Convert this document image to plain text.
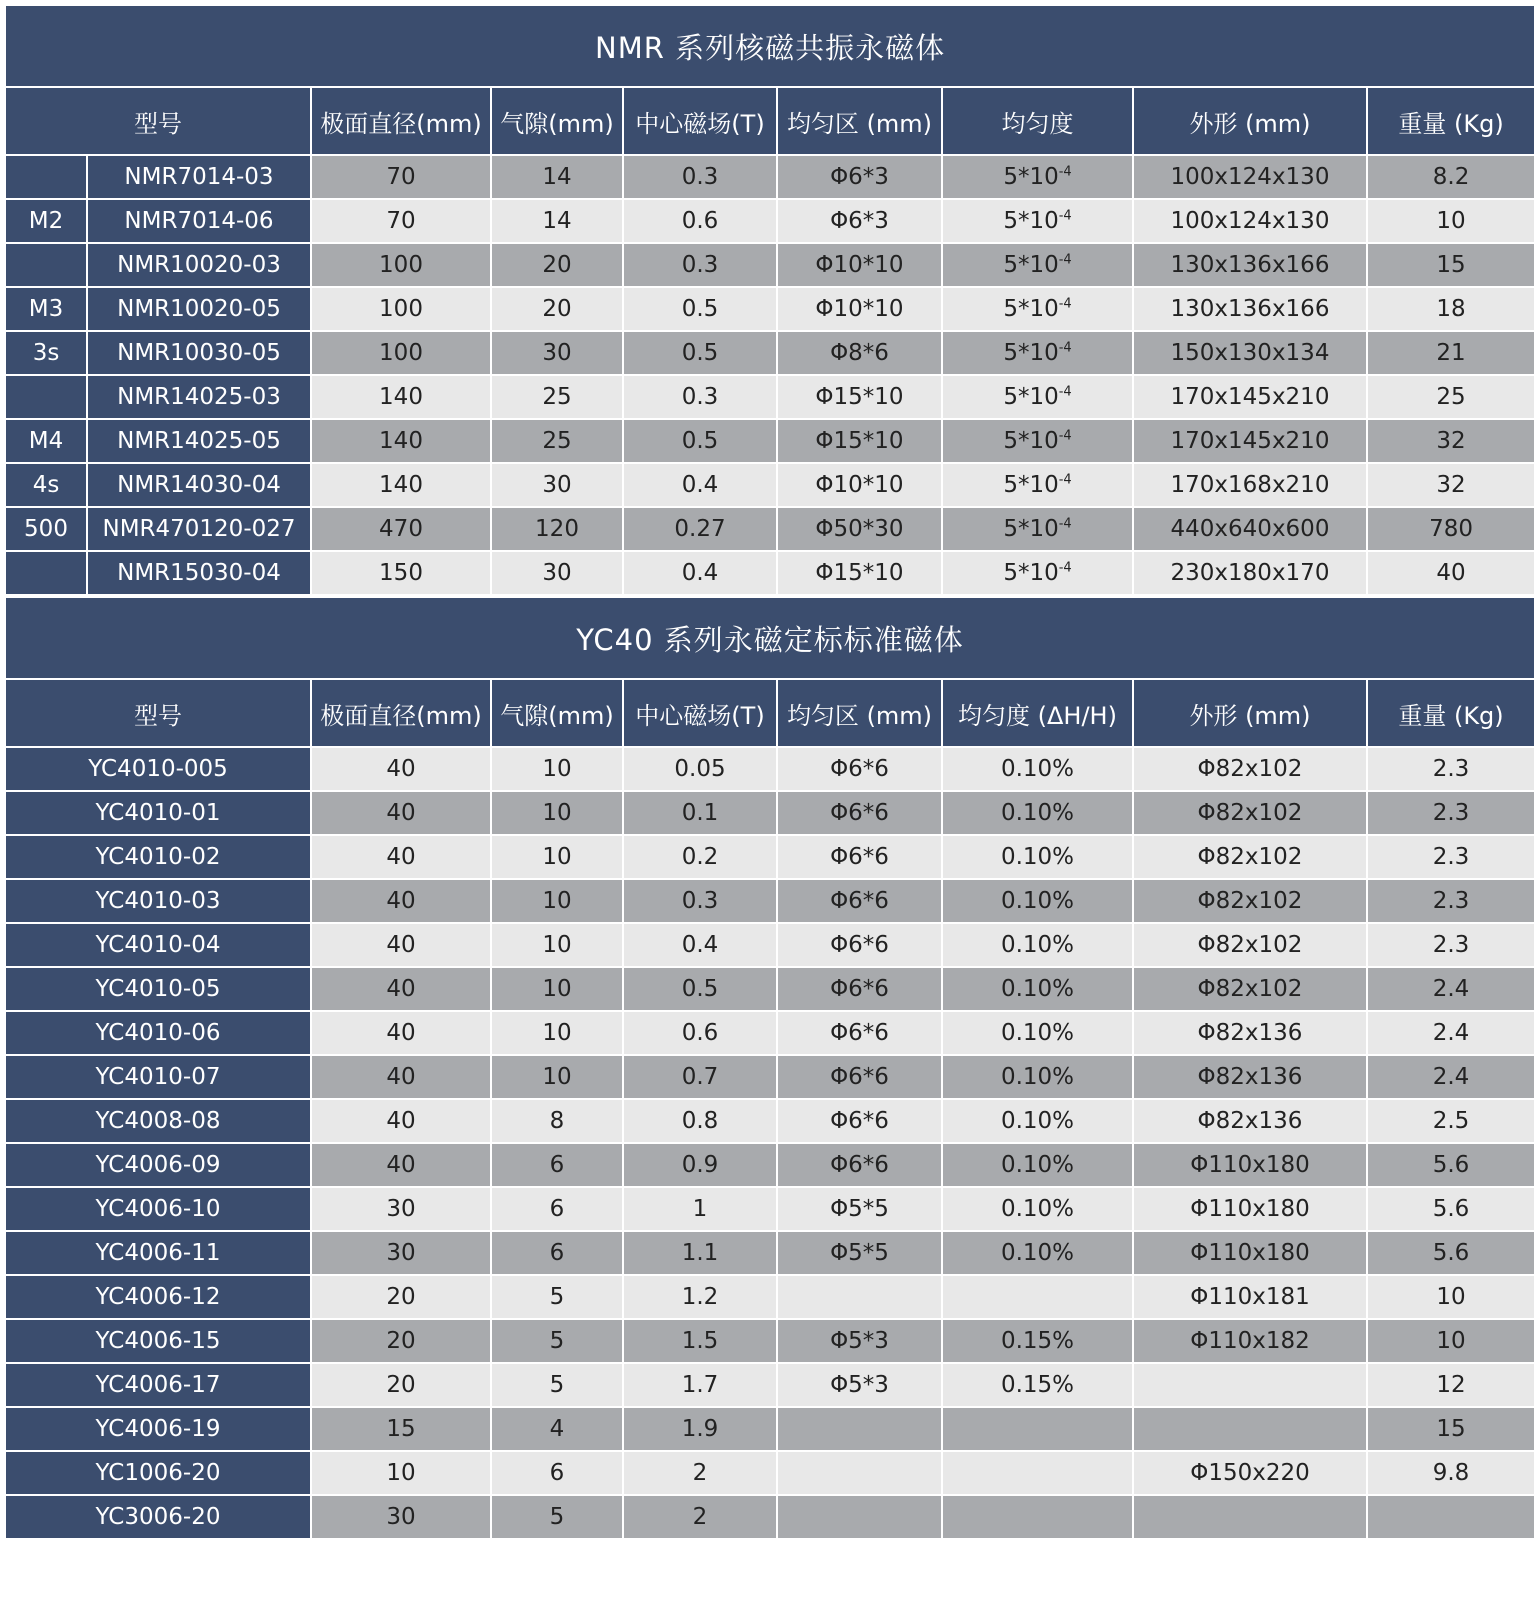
NMR 系列核磁共振永磁体								
型号		极面直径(mm)	气隙(mm)	中心磁场(T)	均匀区 (mm)	均匀度	外形 (mm)	重量 (Kg)
	NMR7014-03	70	14	0.3	Φ6*3	$5*10^{-4}$	100x124x130	8.2
M2	NMR7014-06	70	14	0.6	Φ6*3	$5*10^{-4}$	100x124x130	10
	NMR10020-03	100	20	0.3	Φ10*10	$5*10^{-4}$	130x136x166	15
M3	NMR10020-05	100	20	0.5	Φ10*10	$5*10^{-4}$	130x136x166	18
3s	NMR10030-05	100	30	0.5	Φ8*6	$5*10^{-4}$	150x130x134	21
	NMR14025-03	140	25	0.3	Φ15*10	$5*10^{-4}$	170x145x210	25
M4	NMR14025-05	140	25	0.5	Φ15*10	$5*10^{-4}$	170x145x210	32
4s	NMR14030-04	140	30	0.4	Φ10*10	$5*10^{-4}$	170x168x210	32
500	NMR470120-027	470	120	0.27	Φ50*30	$5*10^{-4}$	440x640x600	780
	NMR15030-04	150	30	0.4	Φ15*10	$5*10^{-4}$	230x180x170	40
YC40 系列永磁定标标准磁体							
型号	极面直径(mm)	气隙(mm)	中心磁场(T)	均匀区 (mm)	均匀度 (ΔH/H)	外形 (mm)	重量 (Kg)
YC4010-005	40	10	0.05	Φ6*6	0.10%	Φ82x102	2.3
YC4010-01	40	10	0.1	Φ6*6	0.10%	Φ82x102	2.3
YC4010-02	40	10	0.2	Φ6*6	0.10%	Φ82x102	2.3
YC4010-03	40	10	0.3	Φ6*6	0.10%	Φ82x102	2.3
YC4010-04	40	10	0.4	Φ6*6	0.10%	Φ82x102	2.3
YC4010-05	40	10	0.5	Φ6*6	0.10%	Φ82x102	2.4
YC4010-06	40	10	0.6	Φ6*6	0.10%	Φ82x136	2.4
YC4010-07	40	10	0.7	Φ6*6	0.10%	Φ82x136	2.4
YC4008-08	40	8	0.8	Φ6*6	0.10%	Φ82x136	2.5
YC4006-09	40	6	0.9	Φ6*6	0.10%	Φ110x180	5.6
YC4006-10	30	6	1	Φ5*5	0.10%	Φ110x180	5.6
YC4006-11	30	6	1.1	Φ5*5	0.10%	Φ110x180	5.6
YC4006-12	20	5	1.2			Φ110x181	10
YC4006-15	20	5	1.5	Φ5*3	0.15%	Φ110x182	10
YC4006-17	20	5	1.7	Φ5*3	0.15%		12
YC4006-19	15	4	1.9				15
YC1006-20	10	6	2			Φ150x220	9.8
YC3006-20	30	5	2				
